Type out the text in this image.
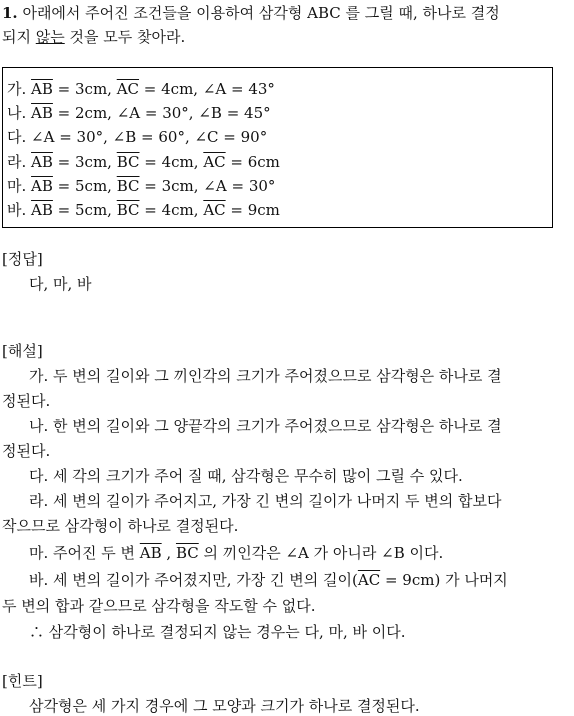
1. 아래에서 주어진 조건들을 이용하여 삼각형 ABC 를 그릴 때, 하나로 결정
되지 않는 것을 모두 찾아라.
가. $\overline{AB} = 3cm$, $\overline{AC} = 4cm$, ∠A = 43°
나. $\overline{AB} = 2cm$, ∠A = 30°, ∠B = 45°
다. ∠A = 30°, ∠B = 60°, ∠C = 90°
라. $\overline{AB} = 3cm$, $\overline{BC} = 4cm$, $\overline{AC} = 6cm$
마. $\overline{AB} = 5cm$, $\overline{BC} = 3cm$, ∠A = 30°
바. $\overline{AB} = 5cm$, $\overline{BC} = 4cm$, $\overline{AC} = 9cm$
[정답]
다, 마, 바
[해설]
가. 두 변의 길이와 그 끼인각의 크기가 주어졌으므로 삼각형은 하나로 결
정된다.
나. 한 변의 길이와 그 양끝각의 크기가 주어졌으므로 삼각형은 하나로 결
정된다.
다. 세 각의 크기가 주어 질 때, 삼각형은 무수히 많이 그릴 수 있다.
라. 세 변의 길이가 주어지고, 가장 긴 변의 길이가 나머지 두 변의 합보다
작으므로 삼각형이 하나로 결정된다.
마. 주어진 두 변 $\overline{AB}$ , $\overline{BC}$ 의 끼인각은 ∠A 가 아니라 ∠B 이다.
바. 세 변의 길이가 주어졌지만, 가장 긴 변의 길이$(\overline{AC} = 9cm)$ 가 나머지
두 변의 합과 같으므로 삼각형을 작도할 수 없다.
∴ 삼각형이 하나로 결정되지 않는 경우는 다, 마, 바 이다.
[힌트]
삼각형은 세 가지 경우에 그 모양과 크기가 하나로 결정된다.
